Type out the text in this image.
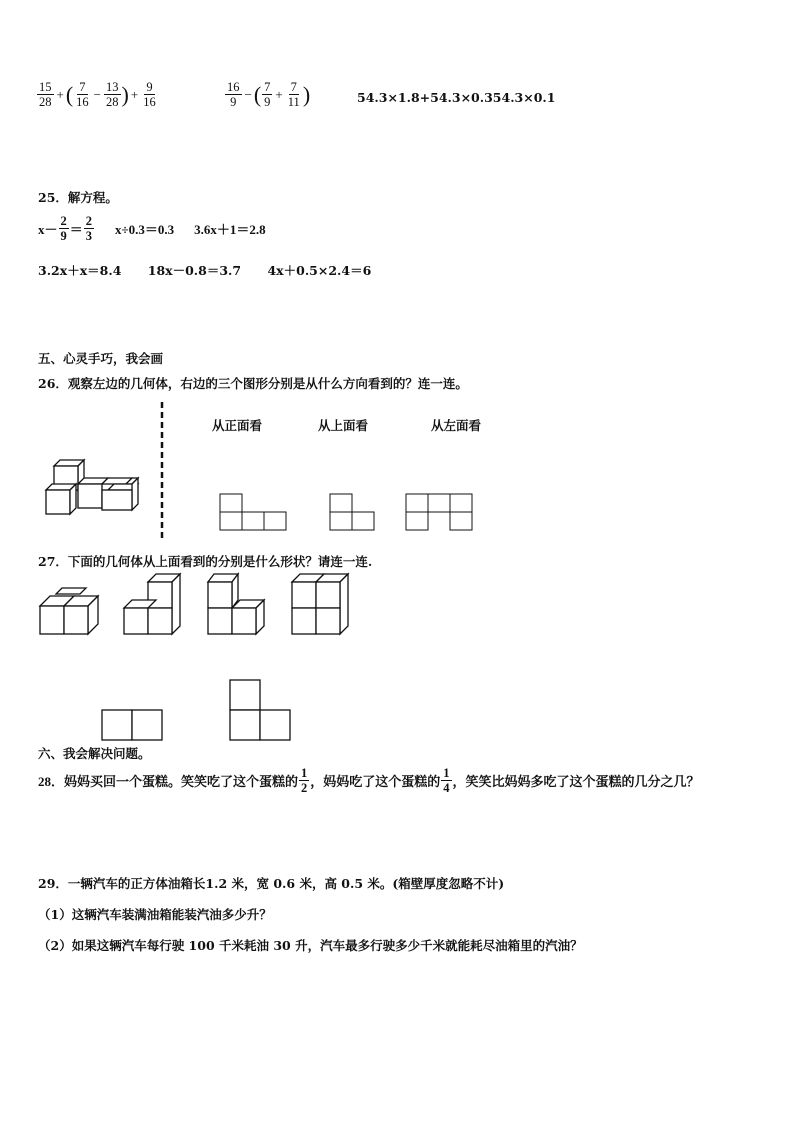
$\frac{15}{28}$ + ( $\frac{7}{16} - \frac{13}{28}$ ) + $\frac{9}{16}$	$\frac{16}{9}$ − ( $\frac{7}{9} + \frac{7}{11}$ )	54.3×1.8+54.3×0.354.3×0.1
25．解方程。
$x- \frac{2}{9} = \frac{2}{3} x\div 0.3=0.3$ 3.6x＋1＝2.8
3.2x＋x＝8.4 18x－0.8＝3.7 4x＋0.5×2.4＝6
五、心灵手巧，我会画
26．观察左边的几何体，右边的三个图形分别是从什么方向看到的？连一连。
从正面看	从上面看	从左面看
27．下面的几何体从上面看到的分别是什么形状？请连一连.
六、我会解决问题。
28．妈妈买回一个蛋糕。笑笑吃了这个蛋糕的 $\frac{1}{2}$ ，妈妈吃了这个蛋糕的 $\frac{1}{4}$ ，笑笑比妈妈多吃了这个蛋糕的几分之几？
29．一辆汽车的正方体油箱长1.2 米，宽 0.6 米，高 0.5 米。(箱壁厚度忽略不计)
（1）这辆汽车装满油箱能装汽油多少升？
（2）如果这辆汽车每行驶 100 千米耗油 30 升，汽车最多行驶多少千米就能耗尽油箱里的汽油？
